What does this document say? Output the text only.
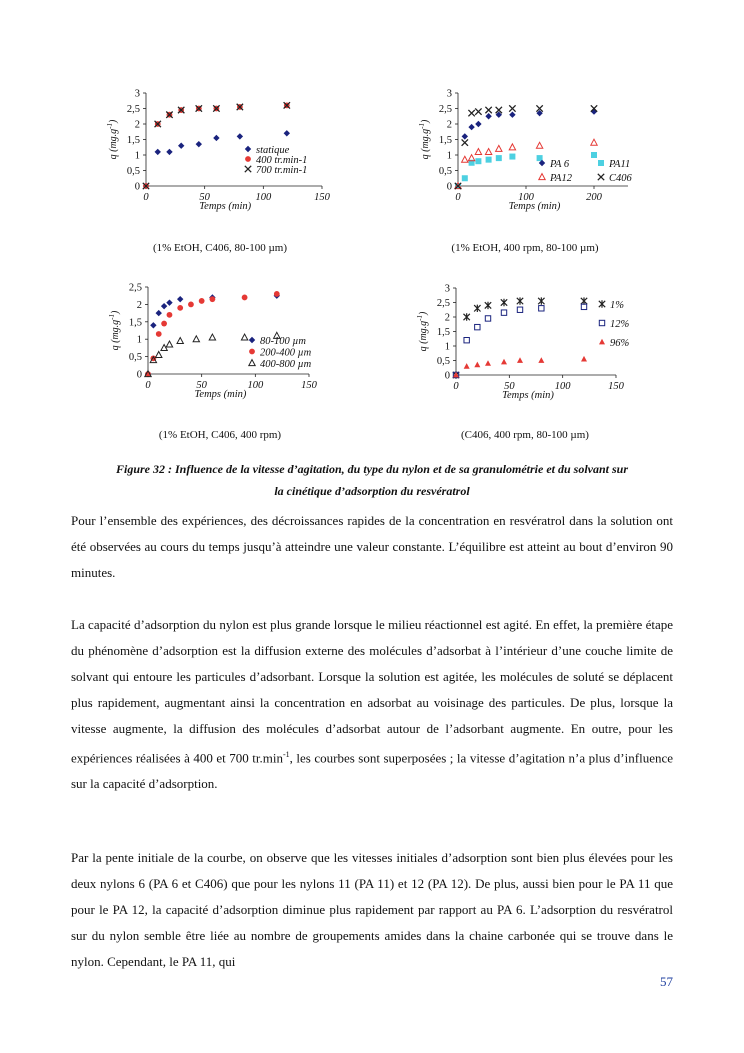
0
0,5
1
1,5
2
2,5
3
0	50	100	150
Temps (min)
q $(mg.g^{-1})$
statique
400 tr.min-1
700 tr.min-1
0
0,5
1
1,5
2
2,5
3
0	100	200
Temps (min)
q $(mg.g^{-1})$
PA 6	PA11
PA12	C406
0
0,5
1
1,5
2
2,5
0	50	100	150
Temps (min)
q $(mg.g^{-1})$
80-100 µm
200-400 µm
400-800 µm
0
0,5
1
1,5
2
2,5
3
0	50	100	150
Temps (min)
q $(mg.g^{-1})$
1%
12%
96%
(1% EtOH, C406, 80-100 µm)	(1% EtOH, 400 rpm, 80-100 µm)
(1% EtOH, C406, 400 rpm)	(C406, 400 rpm, 80-100 µm)
Figure 32 : Influence de la vitesse d’agitation, du type du nylon et de sa granulométrie et du solvant sur
la cinétique d’adsorption du resvératrol

Pour l’ensemble des expériences, des décroissances rapides de la concentration en resvératrol dans la solution ont été observées au cours du temps jusqu’à atteindre une valeur constante. L’équilibre est atteint au bout d’environ 90 minutes.

La capacité d’adsorption du nylon est plus grande lorsque le milieu réactionnel est agité. En effet, la première étape du phénomène d’adsorption est la diffusion externe des molécules d’adsorbat à l’intérieur d’une couche limite de solvant qui entoure les particules d’adsorbant. Lorsque la solution est agitée, les molécules de soluté se déplacent plus rapidement, augmentant ainsi la concentration en adsorbat au voisinage des particules. De plus, lorsque la vitesse augmente, la diffusion des molécules d’adsorbat autour de l’adsorbant augmente. En outre, pour les expériences réalisées à 400 et 700 $tr.\min^{-1}$, les courbes sont superposées ; la vitesse d’agitation n’a plus d’influence sur la capacité d’adsorption.

Par la pente initiale de la courbe, on observe que les vitesses initiales d’adsorption sont bien plus élevées pour les deux nylons 6 (PA 6 et C406) que pour les nylons 11 (PA 11) et 12 (PA 12). De plus, aussi bien pour le PA 11 que pour le PA 12, la capacité d’adsorption diminue plus rapidement par rapport au PA 6. L’adsorption du resvératrol sur du nylon semble être liée au nombre de groupements amides dans la chaine carbonée qui se trouve dans le nylon. Cependant, le PA 11, qui

57
